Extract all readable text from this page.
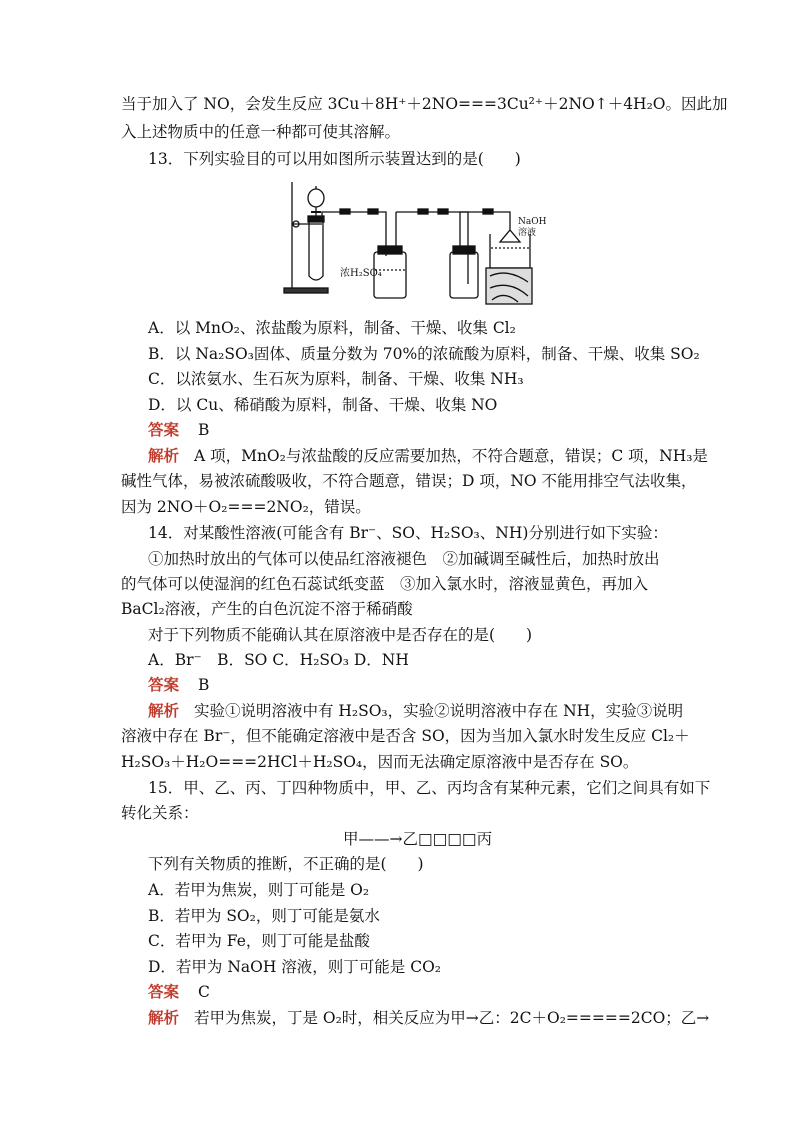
当于加入了 NO，会发生反应 3Cu＋8H⁺＋2NO===3Cu²⁺＋2NO↑＋4H₂O。因此加
入上述物质中的任意一种都可使其溶解。
13．下列实验目的可以用如图所示装置达到的是(　　)
浓H₂SO₄
NaOH
溶液
A．以 MnO₂、浓盐酸为原料，制备、干燥、收集 Cl₂
B．以 Na₂SO₃固体、质量分数为 70%的浓硫酸为原料，制备、干燥、收集 SO₂
C．以浓氨水、生石灰为原料，制备、干燥、收集 NH₃
D．以 Cu、稀硝酸为原料，制备、干燥、收集 NO
答案 B
解析 A 项，MnO₂与浓盐酸的反应需要加热，不符合题意，错误；C 项，NH₃是
碱性气体，易被浓硫酸吸收，不符合题意，错误；D 项，NO 不能用排空气法收集，
因为 2NO＋O₂===2NO₂，错误。
14．对某酸性溶液(可能含有 Br⁻、SO、H₂SO₃、NH)分别进行如下实验：
①加热时放出的气体可以使品红溶液褪色　②加碱调至碱性后，加热时放出
的气体可以使湿润的红色石蕊试纸变蓝　③加入氯水时，溶液显黄色，再加入
BaCl₂溶液，产生的白色沉淀不溶于稀硝酸
对于下列物质不能确认其在原溶液中是否存在的是(　　)
A．Br⁻　B．SO C．H₂SO₃ D．NH
答案 B
解析 实验①说明溶液中有 H₂SO₃，实验②说明溶液中存在 NH，实验③说明
溶液中存在 Br⁻，但不能确定溶液中是否含 SO，因为当加入氯水时发生反应 Cl₂＋
H₂SO₃＋H₂O===2HCl＋H₂SO₄，因而无法确定原溶液中是否存在 SO。
15．甲、乙、丙、丁四种物质中，甲、乙、丙均含有某种元素，它们之间具有如下
转化关系：
甲——→乙□□□□丙
下列有关物质的推断，不正确的是(　　)
A．若甲为焦炭，则丁可能是 O₂
B．若甲为 SO₂，则丁可能是氨水
C．若甲为 Fe，则丁可能是盐酸
D．若甲为 NaOH 溶液，则丁可能是 CO₂
答案 C
解析 若甲为焦炭，丁是 O₂时，相关反应为甲→乙：2C＋O₂=====2CO；乙→
